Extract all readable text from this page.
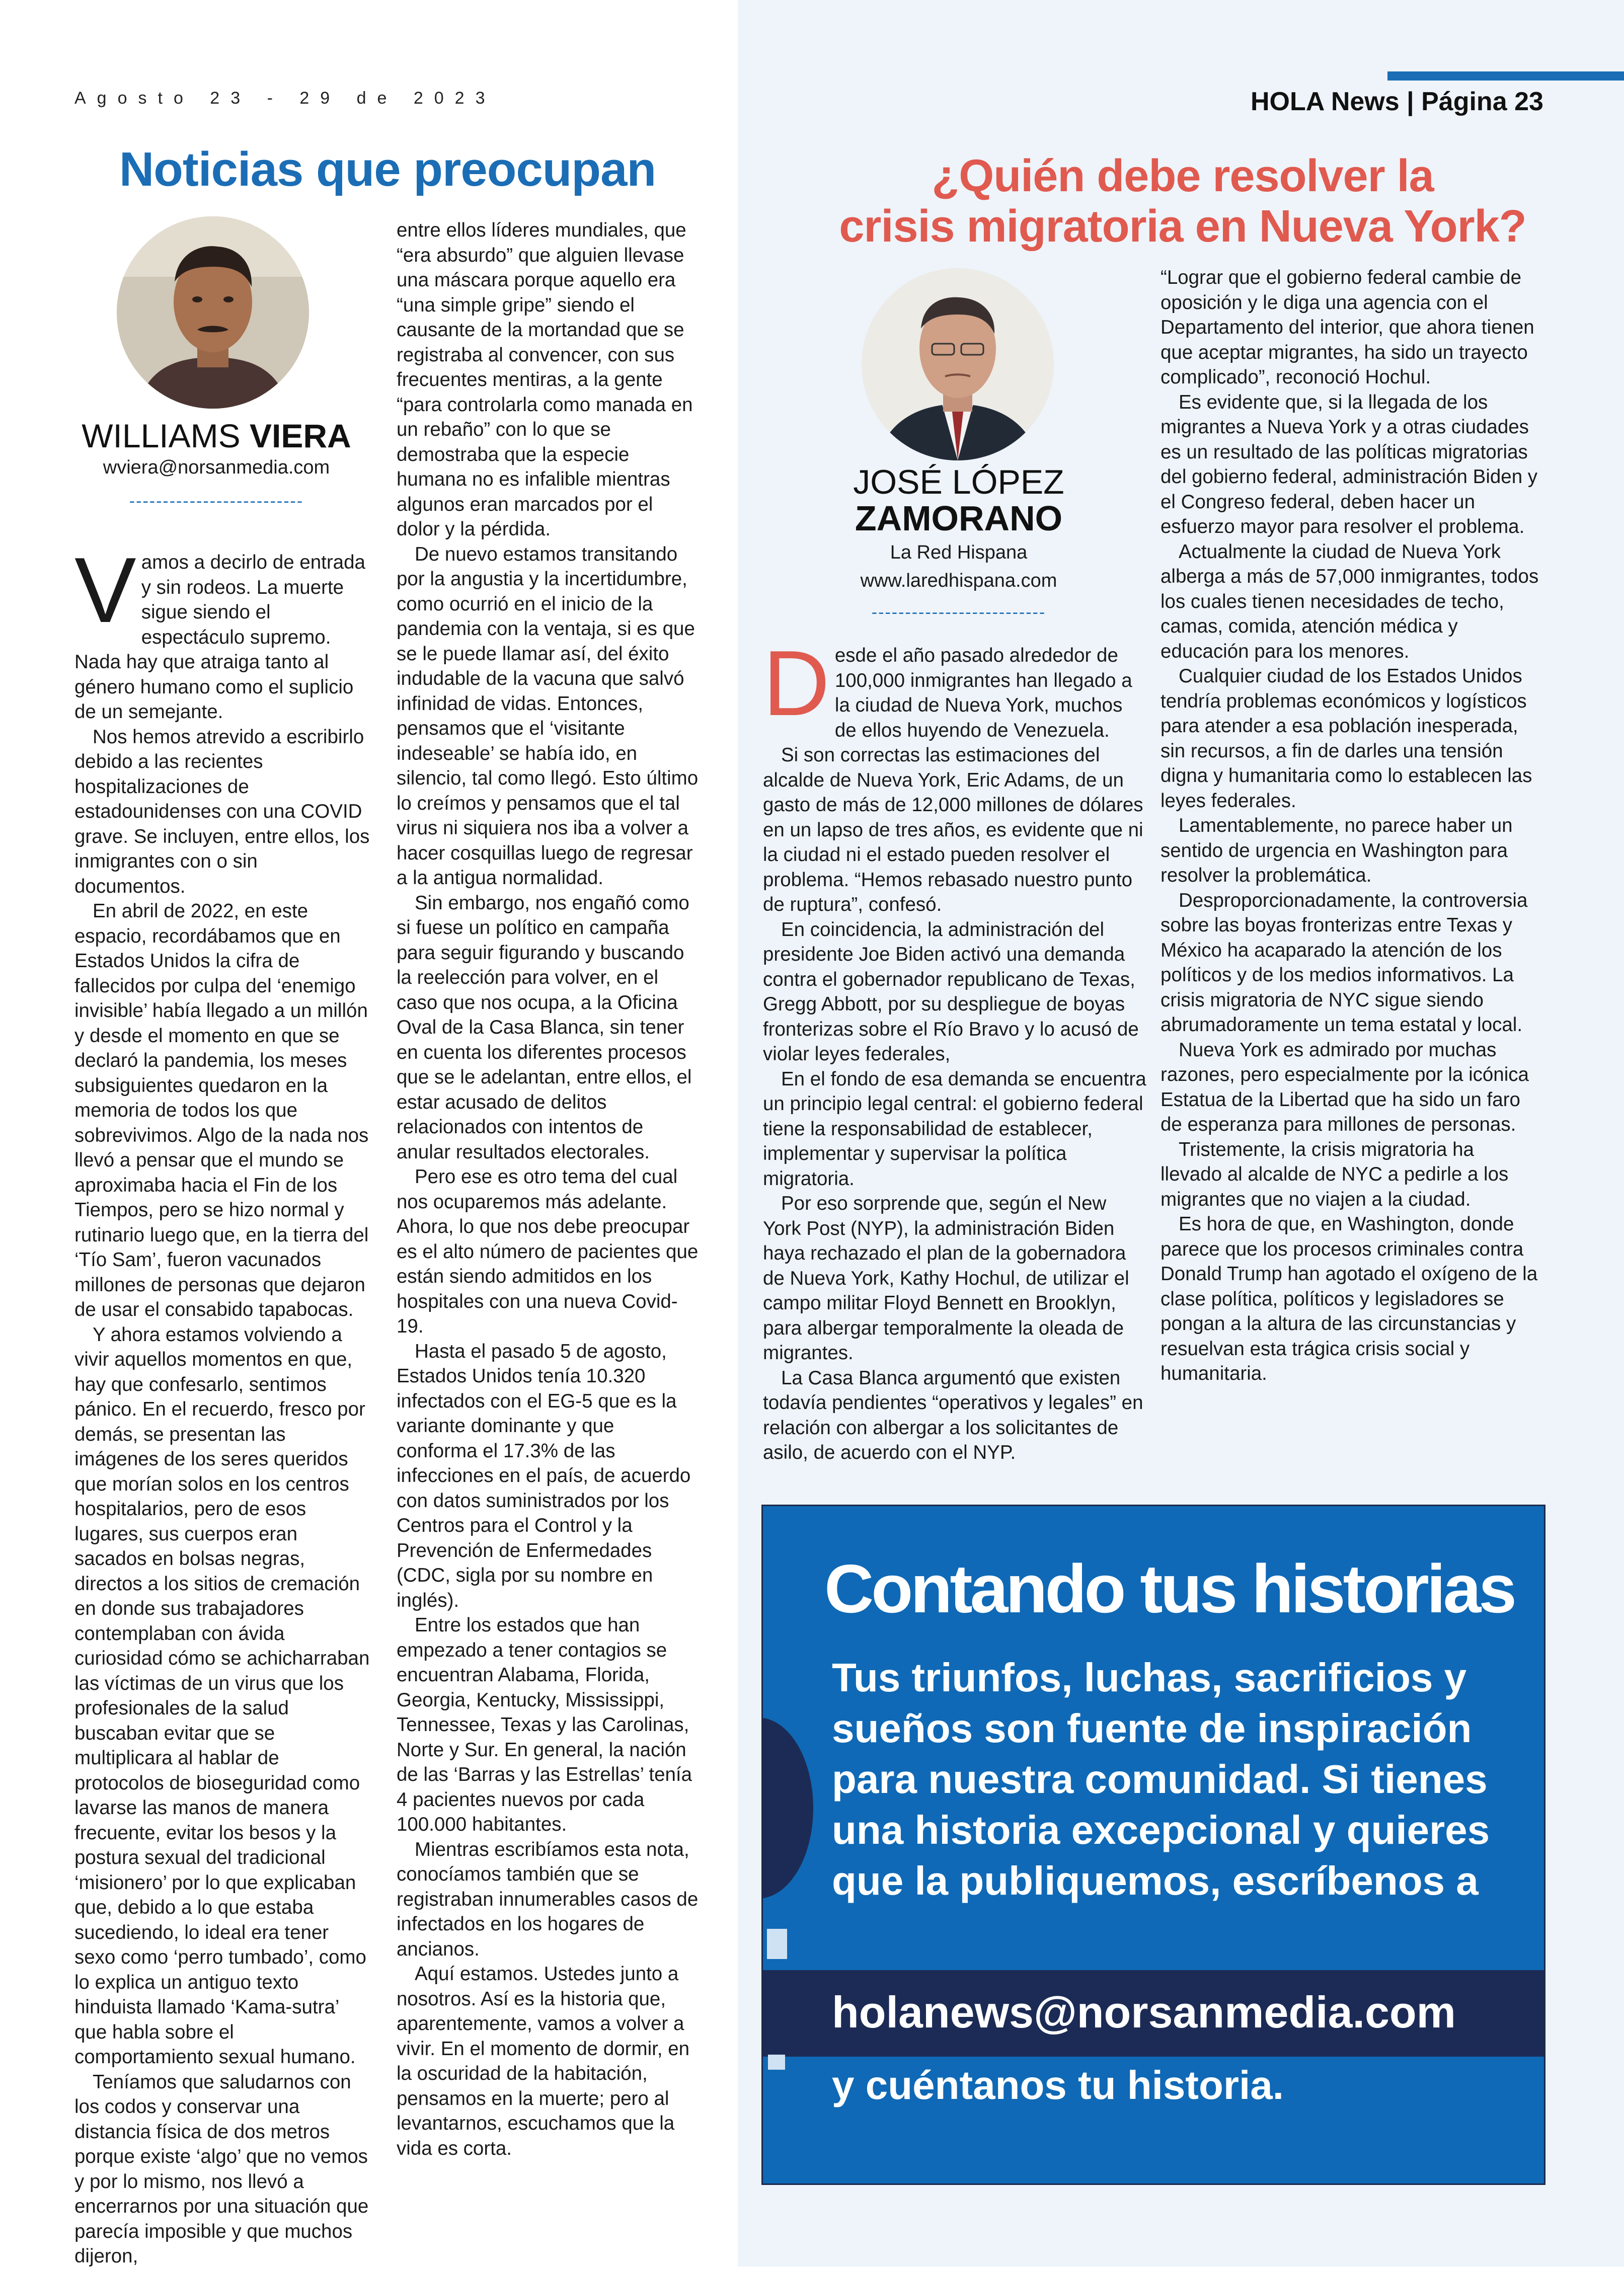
Agosto 23 - 29 de 2023	HOLA News | Página 23
Noticias que preocupan
WILLIAMS VIERA
wviera@norsanmedia.com
--------------------------

Vamos a decirlo de entrada y sin rodeos. La muerte sigue siendo el espectáculo supremo. Nada hay que atraiga tanto al género humano como el suplicio de un semejante.

Nos hemos atrevido a escribirlo debido a las recientes hospitalizaciones de estadounidenses con una COVID grave. Se incluyen, entre ellos, los inmigrantes con o sin documentos.

En abril de 2022, en este espacio, recordábamos que en Estados Unidos la cifra de fallecidos por culpa del ‘enemigo invisible’ había llegado a un millón y desde el momento en que se declaró la pandemia, los meses subsiguientes quedaron en la memoria de todos los que sobrevivimos. Algo de la nada nos llevó a pensar que el mundo se aproximaba hacia el Fin de los Tiempos, pero se hizo normal y rutinario luego que, en la tierra del ‘Tío Sam’, fueron vacunados millones de personas que dejaron de usar el consabido tapabocas.

Y ahora estamos volviendo a vivir aquellos momentos en que, hay que confesarlo, sentimos pánico. En el recuerdo, fresco por demás, se presentan las imágenes de los seres queridos que morían solos en los centros hospitalarios, pero de esos lugares, sus cuerpos eran sacados en bolsas negras, directos a los sitios de cremación en donde sus trabajadores contemplaban con ávida curiosidad cómo se achicharraban las víctimas de un virus que los profesionales de la salud buscaban evitar que se multiplicara al hablar de protocolos de bioseguridad como lavarse las manos de manera frecuente, evitar los besos y la postura sexual del tradicional ‘misionero’ por lo que explicaban que, debido a lo que estaba sucediendo, lo ideal era tener sexo como ‘perro tumbado’, como lo explica un antiguo texto hinduista llamado ‘Kama-sutra’ que habla sobre el comportamiento sexual humano.

Teníamos que saludarnos con los codos y conservar una distancia física de dos metros porque existe ‘algo’ que no vemos y por lo mismo, nos llevó a encerrarnos por una situación que parecía imposible y que muchos dijeron,

entre ellos líderes mundiales, que “era absurdo” que alguien llevase una máscara porque aquello era “una simple gripe” siendo el causante de la mortandad que se registraba al convencer, con sus frecuentes mentiras, a la gente “para controlarla como manada en un rebaño” con lo que se demostraba que la especie humana no es infalible mientras algunos eran marcados por el dolor y la pérdida.

De nuevo estamos transitando por la angustia y la incertidumbre, como ocurrió en el inicio de la pandemia con la ventaja, si es que se le puede llamar así, del éxito indudable de la vacuna que salvó infinidad de vidas. Entonces, pensamos que el ‘visitante indeseable’ se había ido, en silencio, tal como llegó. Esto último lo creímos y pensamos que el tal virus ni siquiera nos iba a volver a hacer cosquillas luego de regresar a la antigua normalidad.

Sin embargo, nos engañó como si fuese un político en campaña para seguir figurando y buscando la reelección para volver, en el caso que nos ocupa, a la Oficina Oval de la Casa Blanca, sin tener en cuenta los diferentes procesos que se le adelantan, entre ellos, el estar acusado de delitos relacionados con intentos de anular resultados electorales.

Pero ese es otro tema del cual nos ocuparemos más adelante. Ahora, lo que nos debe preocupar es el alto número de pacientes que están siendo admitidos en los hospitales con una nueva Covid-19.

Hasta el pasado 5 de agosto, Estados Unidos tenía 10.320 infectados con el EG-5 que es la variante dominante y que conforma el 17.3% de las infecciones en el país, de acuerdo con datos suministrados por los Centros para el Control y la Prevención de Enfermedades (CDC, sigla por su nombre en inglés).

Entre los estados que han empezado a tener contagios se encuentran Alabama, Florida, Georgia, Kentucky, Mississippi, Tennessee, Texas y las Carolinas, Norte y Sur. En general, la nación de las ‘Barras y las Estrellas’ tenía 4 pacientes nuevos por cada 100.000 habitantes.

Mientras escribíamos esta nota, conocíamos también que se registraban innumerables casos de infectados en los hogares de ancianos.

Aquí estamos. Ustedes junto a nosotros. Así es la historia que, aparentemente, vamos a volver a vivir. En el momento de dormir, en la oscuridad de la habitación, pensamos en la muerte; pero al levantarnos, escuchamos que la vida es corta.

¿Quién debe resolver la
crisis migratoria en Nueva York?
JOSÉ LÓPEZ
ZAMORANO
La Red Hispana
www.laredhispana.com
--------------------------

Desde el año pasado alrededor de 100,000 inmigrantes han llegado a la ciudad de Nueva York, muchos de ellos huyendo de Venezuela.

Si son correctas las estimaciones del alcalde de Nueva York, Eric Adams, de un gasto de más de 12,000 millones de dólares en un lapso de tres años, es evidente que ni la ciudad ni el estado pueden resolver el problema. “Hemos rebasado nuestro punto de ruptura”, confesó.

En coincidencia, la administración del presidente Joe Biden activó una demanda contra el gobernador republicano de Texas, Gregg Abbott, por su despliegue de boyas fronterizas sobre el Río Bravo y lo acusó de violar leyes federales,

En el fondo de esa demanda se encuentra un principio legal central: el gobierno federal tiene la responsabilidad de establecer, implementar y supervisar la política migratoria.

Por eso sorprende que, según el New York Post (NYP), la administración Biden haya rechazado el plan de la gobernadora de Nueva York, Kathy Hochul, de utilizar el campo militar Floyd Bennett en Brooklyn, para albergar temporalmente la oleada de migrantes.

La Casa Blanca argumentó que existen todavía pendientes “operativos y legales” en relación con albergar a los solicitantes de asilo, de acuerdo con el NYP.

“Lograr que el gobierno federal cambie de oposición y le diga una agencia con el Departamento del interior, que ahora tienen que aceptar migrantes, ha sido un trayecto complicado”, reconoció Hochul.

Es evidente que, si la llegada de los migrantes a Nueva York y a otras ciudades es un resultado de las políticas migratorias del gobierno federal, administración Biden y el Congreso federal, deben hacer un esfuerzo mayor para resolver el problema.

Actualmente la ciudad de Nueva York alberga a más de 57,000 inmigrantes, todos los cuales tienen necesidades de techo, camas, comida, atención médica y educación para los menores.

Cualquier ciudad de los Estados Unidos tendría problemas económicos y logísticos para atender a esa población inesperada, sin recursos, a fin de darles una tensión digna y humanitaria como lo establecen las leyes federales.

Lamentablemente, no parece haber un sentido de urgencia en Washington para resolver la problemática.

Desproporcionadamente, la controversia sobre las boyas fronterizas entre Texas y México ha acaparado la atención de los políticos y de los medios informativos. La crisis migratoria de NYC sigue siendo abrumadoramente un tema estatal y local.

Nueva York es admirado por muchas razones, pero especialmente por la icónica Estatua de la Libertad que ha sido un faro de esperanza para millones de personas.

Tristemente, la crisis migratoria ha llevado al alcalde de NYC a pedirle a los migrantes que no viajen a la ciudad.

Es hora de que, en Washington, donde parece que los procesos criminales contra Donald Trump han agotado el oxígeno de la clase política, políticos y legisladores se pongan a la altura de las circunstancias y resuelvan esta trágica crisis social y humanitaria.

Contando tus historias
Tus triunfos, luchas, sacrificios y sueños son fuente de inspiración para nuestra comunidad. Si tienes una historia excepcional y quieres que la publiquemos, escríbenos a
holanews@norsanmedia.com
y cuéntanos tu historia.
